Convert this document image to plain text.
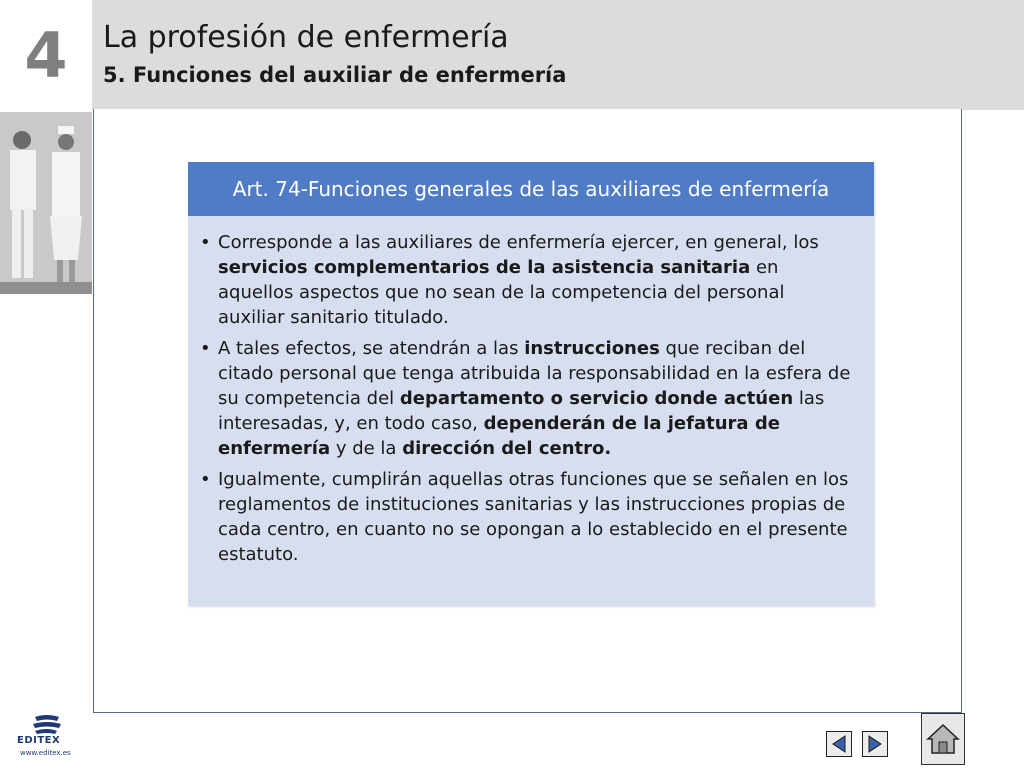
4	La profesión de enfermería
5. Funciones del auxiliar de enfermería
Art. 74-Funciones generales de las auxiliares de enfermería
• Corresponde a las auxiliares de enfermería ejercer, en general, los servicios complementarios de la asistencia sanitaria en aquellos aspectos que no sean de la competencia del personal auxiliar sanitario titulado.
• A tales efectos, se atendrán a las instrucciones que reciban del citado personal que tenga atribuida la responsabilidad en la esfera de su competencia del departamento o servicio donde actúen las interesadas, y, en todo caso, dependerán de la jefatura de enfermería y de la dirección del centro.
• Igualmente, cumplirán aquellas otras funciones que se señalen en los reglamentos de instituciones sanitarias y las instrucciones propias de cada centro, en cuanto no se opongan a lo establecido en el presente estatuto.
EDITEX
www.editex.es
